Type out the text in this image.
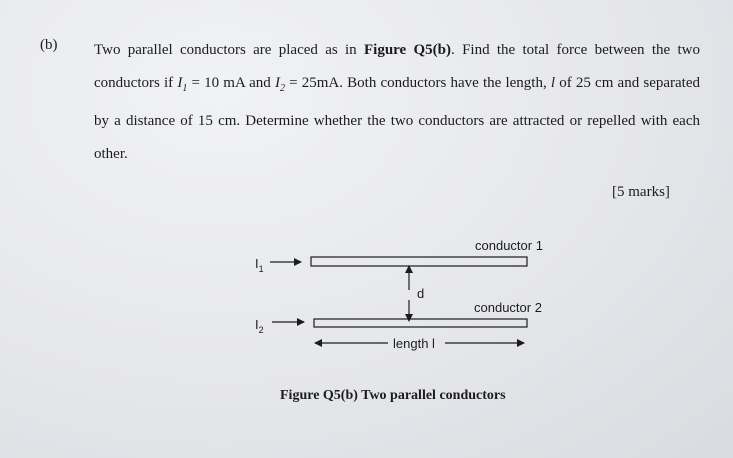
(b) Two parallel conductors are placed as in Figure Q5(b). Find the total force between the two conductors if $I_1 = 10$ mA and $I_2 = 25mA$. Both conductors have the length, l of 25 cm and separated by a distance of 15 cm. Determine whether the two conductors are attracted or repelled with each other.

[5 marks]
conductor 1
conductor 2
$I_1$
$I_2$
d
length l
Figure Q5(b) Two parallel conductors
